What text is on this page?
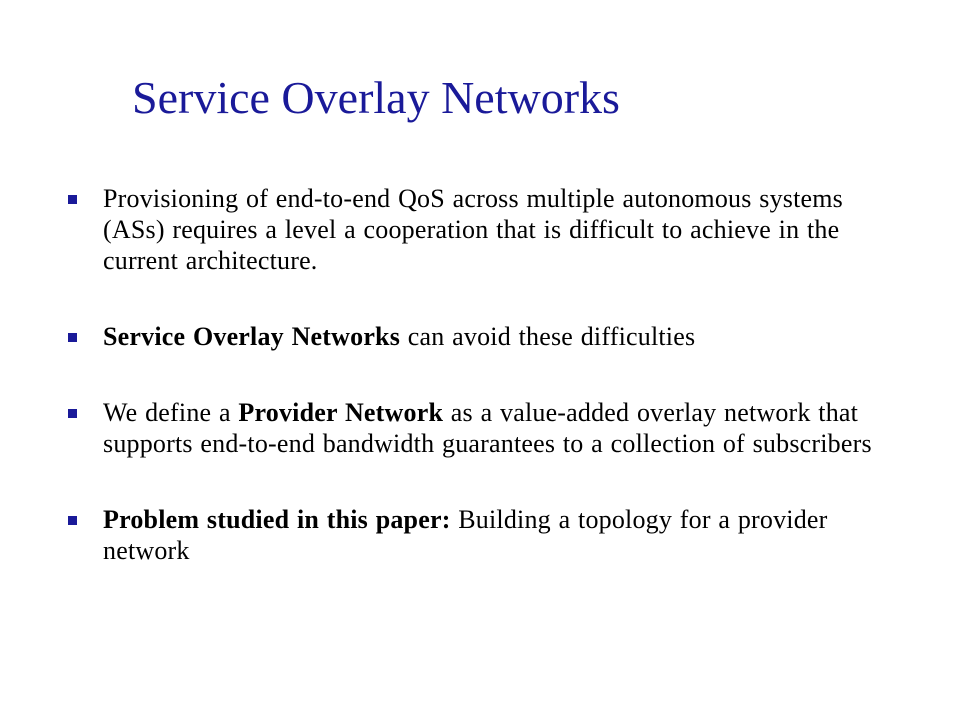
Service Overlay Networks
Provisioning of end-to-end QoS across multiple autonomous systems (ASs) requires a level a cooperation that is difficult to achieve in the current architecture.
Service Overlay Networks can avoid these difficulties
We define a Provider Network as a value-added overlay network that supports end-to-end bandwidth guarantees to a collection of subscribers
Problem studied in this paper: Building a topology for a provider network
